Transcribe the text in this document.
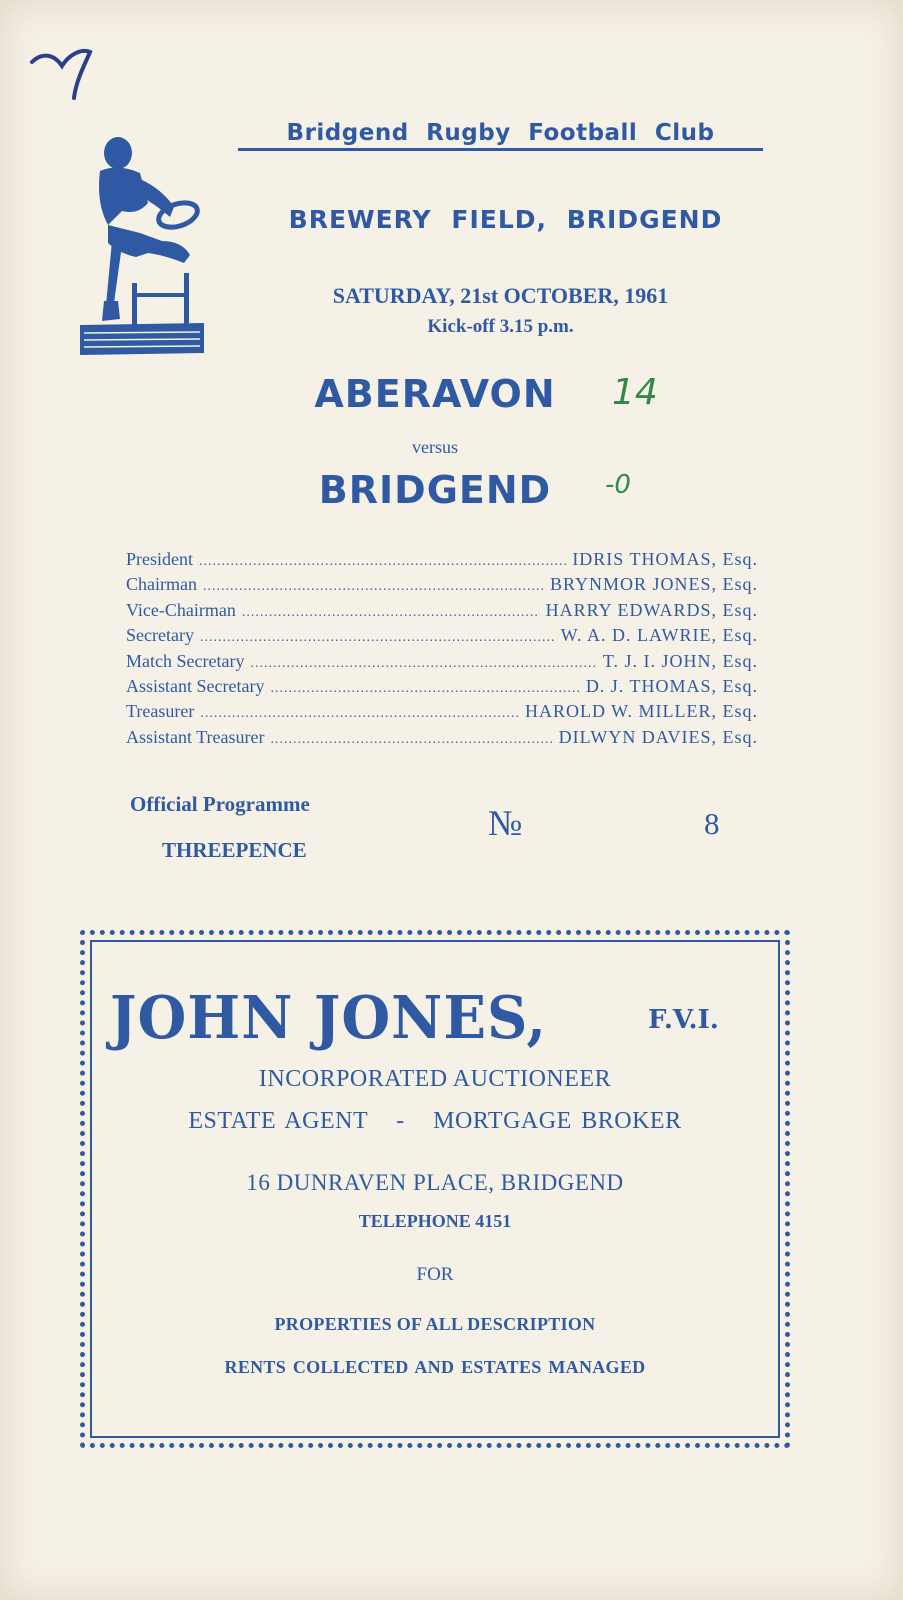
Bridgend Rugby Football Club
BREWERY FIELD, BRIDGEND
SATURDAY, 21st OCTOBER, 1961
Kick-off 3.15 p.m.
ABERAVON	14
versus
BRIDGEND	-0
President .....	IDRIS THOMAS, Esq.
Chairman .....	BRYNMOR JONES, Esq.
Vice-Chairman .....	HARRY EDWARDS, Esq.
Secretary .....	W. A. D. LAWRIE, Esq.
Match Secretary .....	T. J. I. JOHN, Esq.
Assistant Secretary .....	D. J. THOMAS, Esq.
Treasurer .....	HAROLD W. MILLER, Esq.
Assistant Treasurer .....	DILWYN DAVIES, Esq.
Official Programme
THREEPENCE
№	8
JOHN JONES,	F.V.I.
INCORPORATED AUCTIONEER
ESTATE AGENT   -   MORTGAGE BROKER
16 DUNRAVEN PLACE, BRIDGEND
TELEPHONE 4151
FOR
PROPERTIES OF ALL DESCRIPTION
RENTS COLLECTED AND ESTATES MANAGED
